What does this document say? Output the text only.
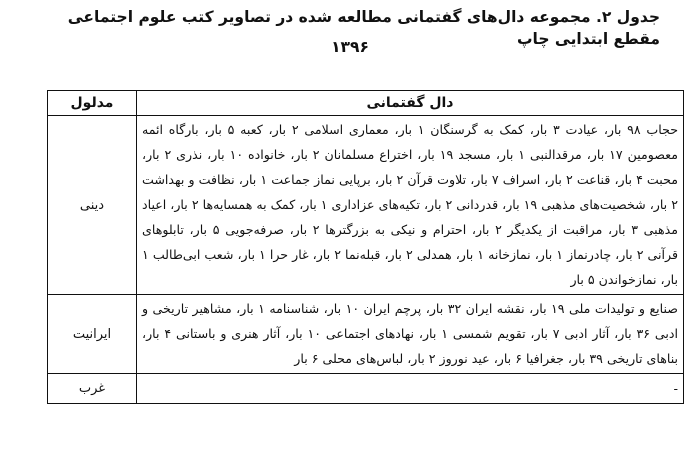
جدول ۲. مجموعه دال‌های گفتمانی مطالعه شده در تصاویر کتب علوم اجتماعی مقطع ابتدایی چاپ
۱۳۹۶
مدلول	دال گفتمانی
دینی	حجاب ۹۸ بار، عیادت ۳ بار، کمک به گرسنگان ۱ بار، معماری اسلامی ۲ بار، کعبه ۵ بار، بارگاه ائمه معصومین ۱۷ بار، مرقدالنبی ۱ بار، مسجد ۱۹ بار، اختراع مسلمانان ۲ بار، خانواده ۱۰ بار، نذری ۲ بار، محبت ۴ بار، قناعت ۲ بار، اسراف ۷ بار، تلاوت قرآن ۲ بار، برپایی نماز جماعت ۱ بار، نظافت و بهداشت ۲ بار، شخصیت‌های مذهبی ۱۹ بار، قدردانی ۲ بار، تکیه‌های عزاداری ۱ بار، کمک به همسایه‌ها ۲ بار، اعیاد مذهبی ۳ بار، مراقبت از یکدیگر ۲ بار، احترام و نیکی به بزرگترها ۲ بار، صرفه‌جویی ۵ بار، تابلوهای قرآنی ۲ بار، چادرنماز ۱ بار، نمازخانه ۱ بار، همدلی ۲ بار، قبله‌نما ۲ بار، غار حرا ۱ بار، شعب ابی‌طالب ۱ بار، نمازخواندن ۵ بار
ایرانیت	صنایع و تولیدات ملی ۱۹ بار، نقشه ایران ۳۲ بار، پرچم ایران ۱۰ بار، شناسنامه ۱ بار، مشاهیر تاریخی و ادبی ۳۶ بار، آثار ادبی ۷ بار، تقویم شمسی ۱ بار، نهادهای اجتماعی ۱۰ بار، آثار هنری و باستانی ۴ بار، بناهای تاریخی ۳۹ بار، جغرافیا ۶ بار، عید نوروز ۲ بار، لباس‌های محلی ۶ بار
غرب	-
